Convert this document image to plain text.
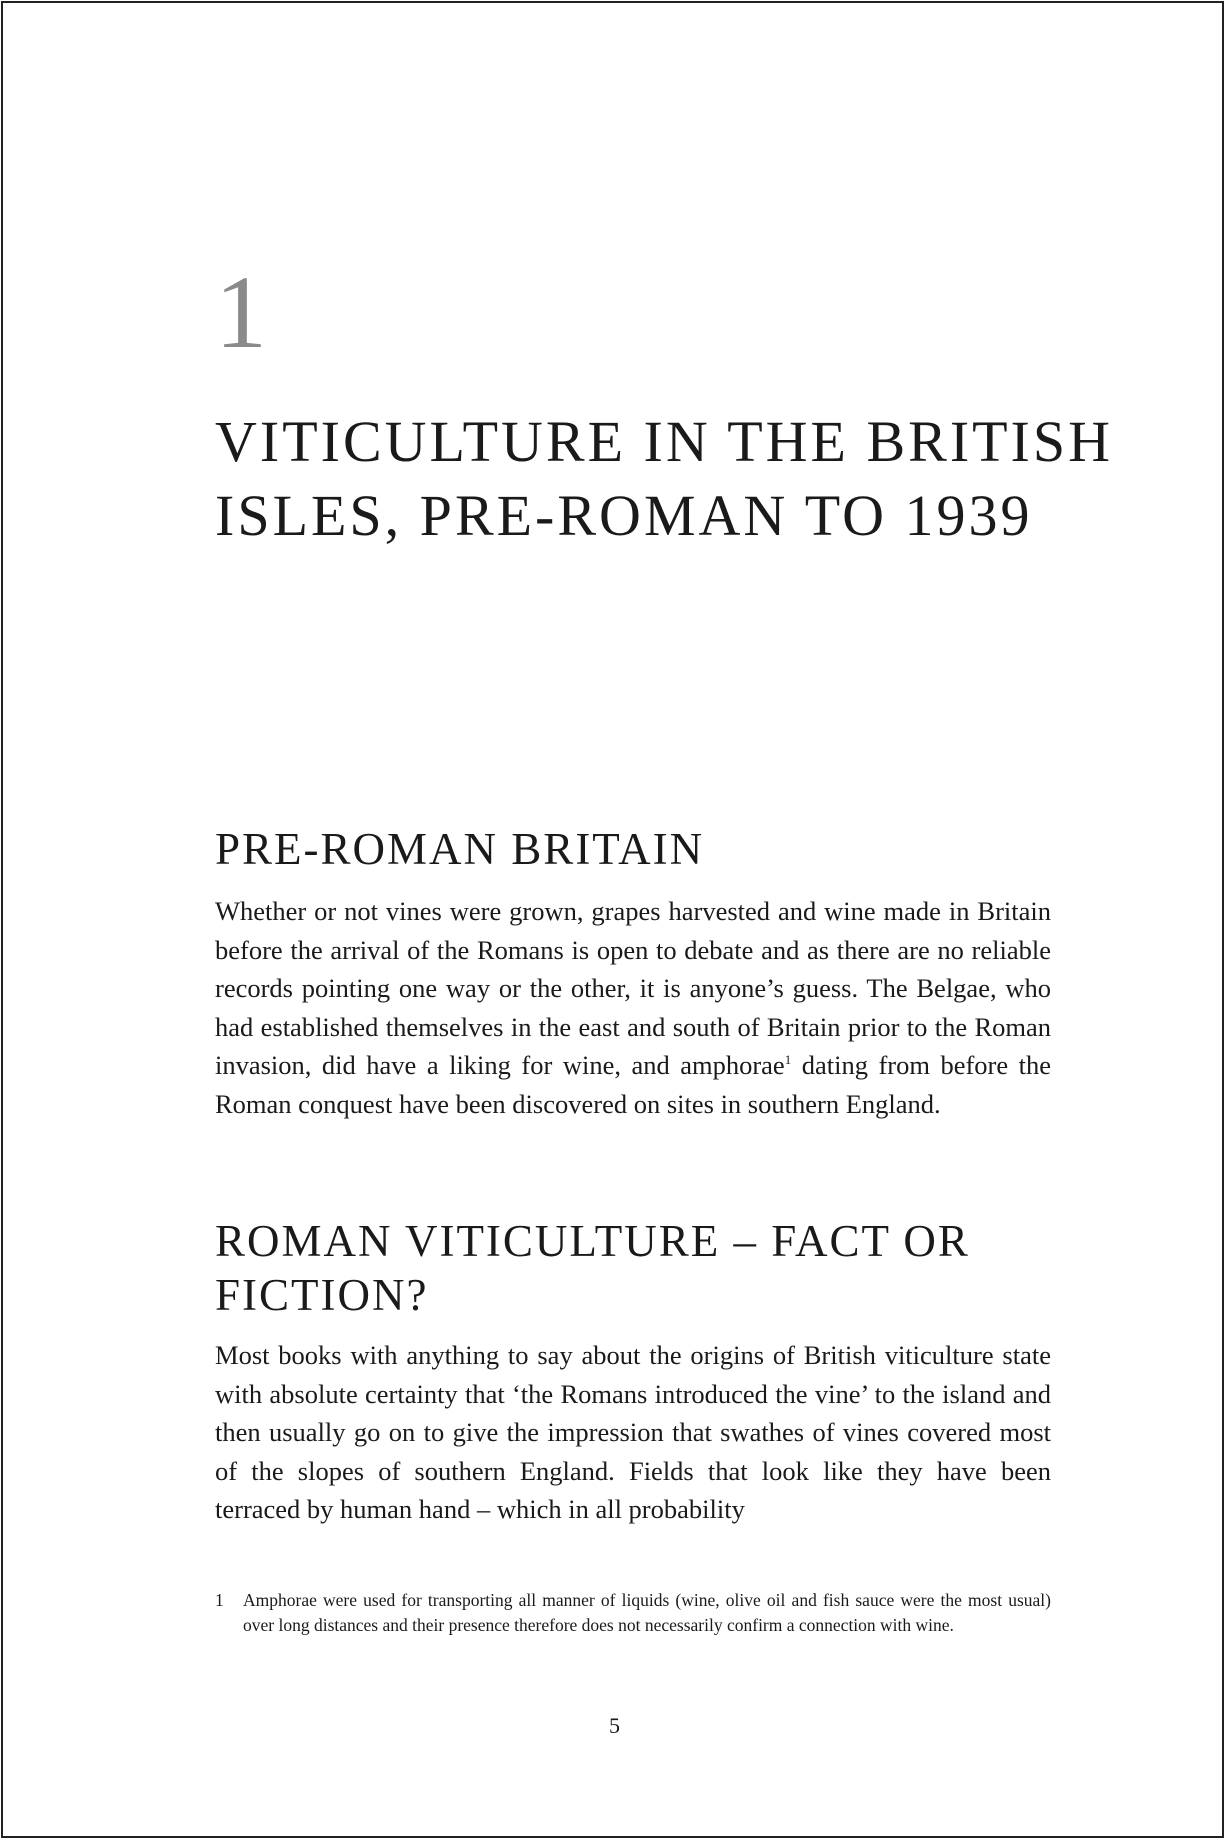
1
VITICULTURE IN THE BRITISH ISLES, PRE-ROMAN TO 1939
PRE-ROMAN BRITAIN

Whether or not vines were grown, grapes harvested and wine made in Britain before the arrival of the Romans is open to debate and as there are no reliable records pointing one way or the other, it is anyone’s guess. The Belgae, who had established themselves in the east and south of Britain prior to the Roman invasion, did have a liking for wine, and amphorae$^1$ dating from before the Roman conquest have been discovered on sites in southern England.

ROMAN VITICULTURE – FACT OR FICTION?

Most books with anything to say about the origins of British viticulture state with absolute certainty that ‘the Romans introduced the vine’ to the island and then usually go on to give the impression that swathes of vines covered most of the slopes of southern England. Fields that look like they have been terraced by human hand – which in all probability

1 Amphorae were used for transporting all manner of liquids (wine, olive oil and fish sauce were the most usual) over long distances and their presence therefore does not necessarily confirm a connection with wine.
5
